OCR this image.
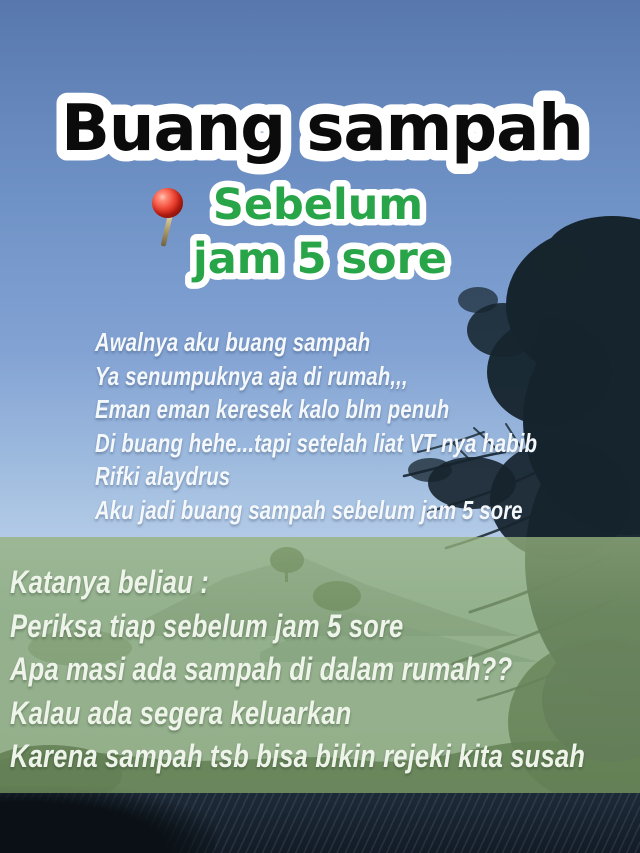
Buang sampah
Sebelum
jam 5 sore
Awalnya aku buang sampah
Ya senumpuknya aja di rumah,,,
Eman eman keresek kalo blm penuh
Di buang hehe...tapi setelah liat VT nya habib
Rifki alaydrus
Aku jadi buang sampah sebelum jam 5 sore
Katanya beliau :
Periksa tiap sebelum jam 5 sore
Apa masi ada sampah di dalam rumah??
Kalau ada segera keluarkan
Karena sampah tsb bisa bikin rejeki kita susah
